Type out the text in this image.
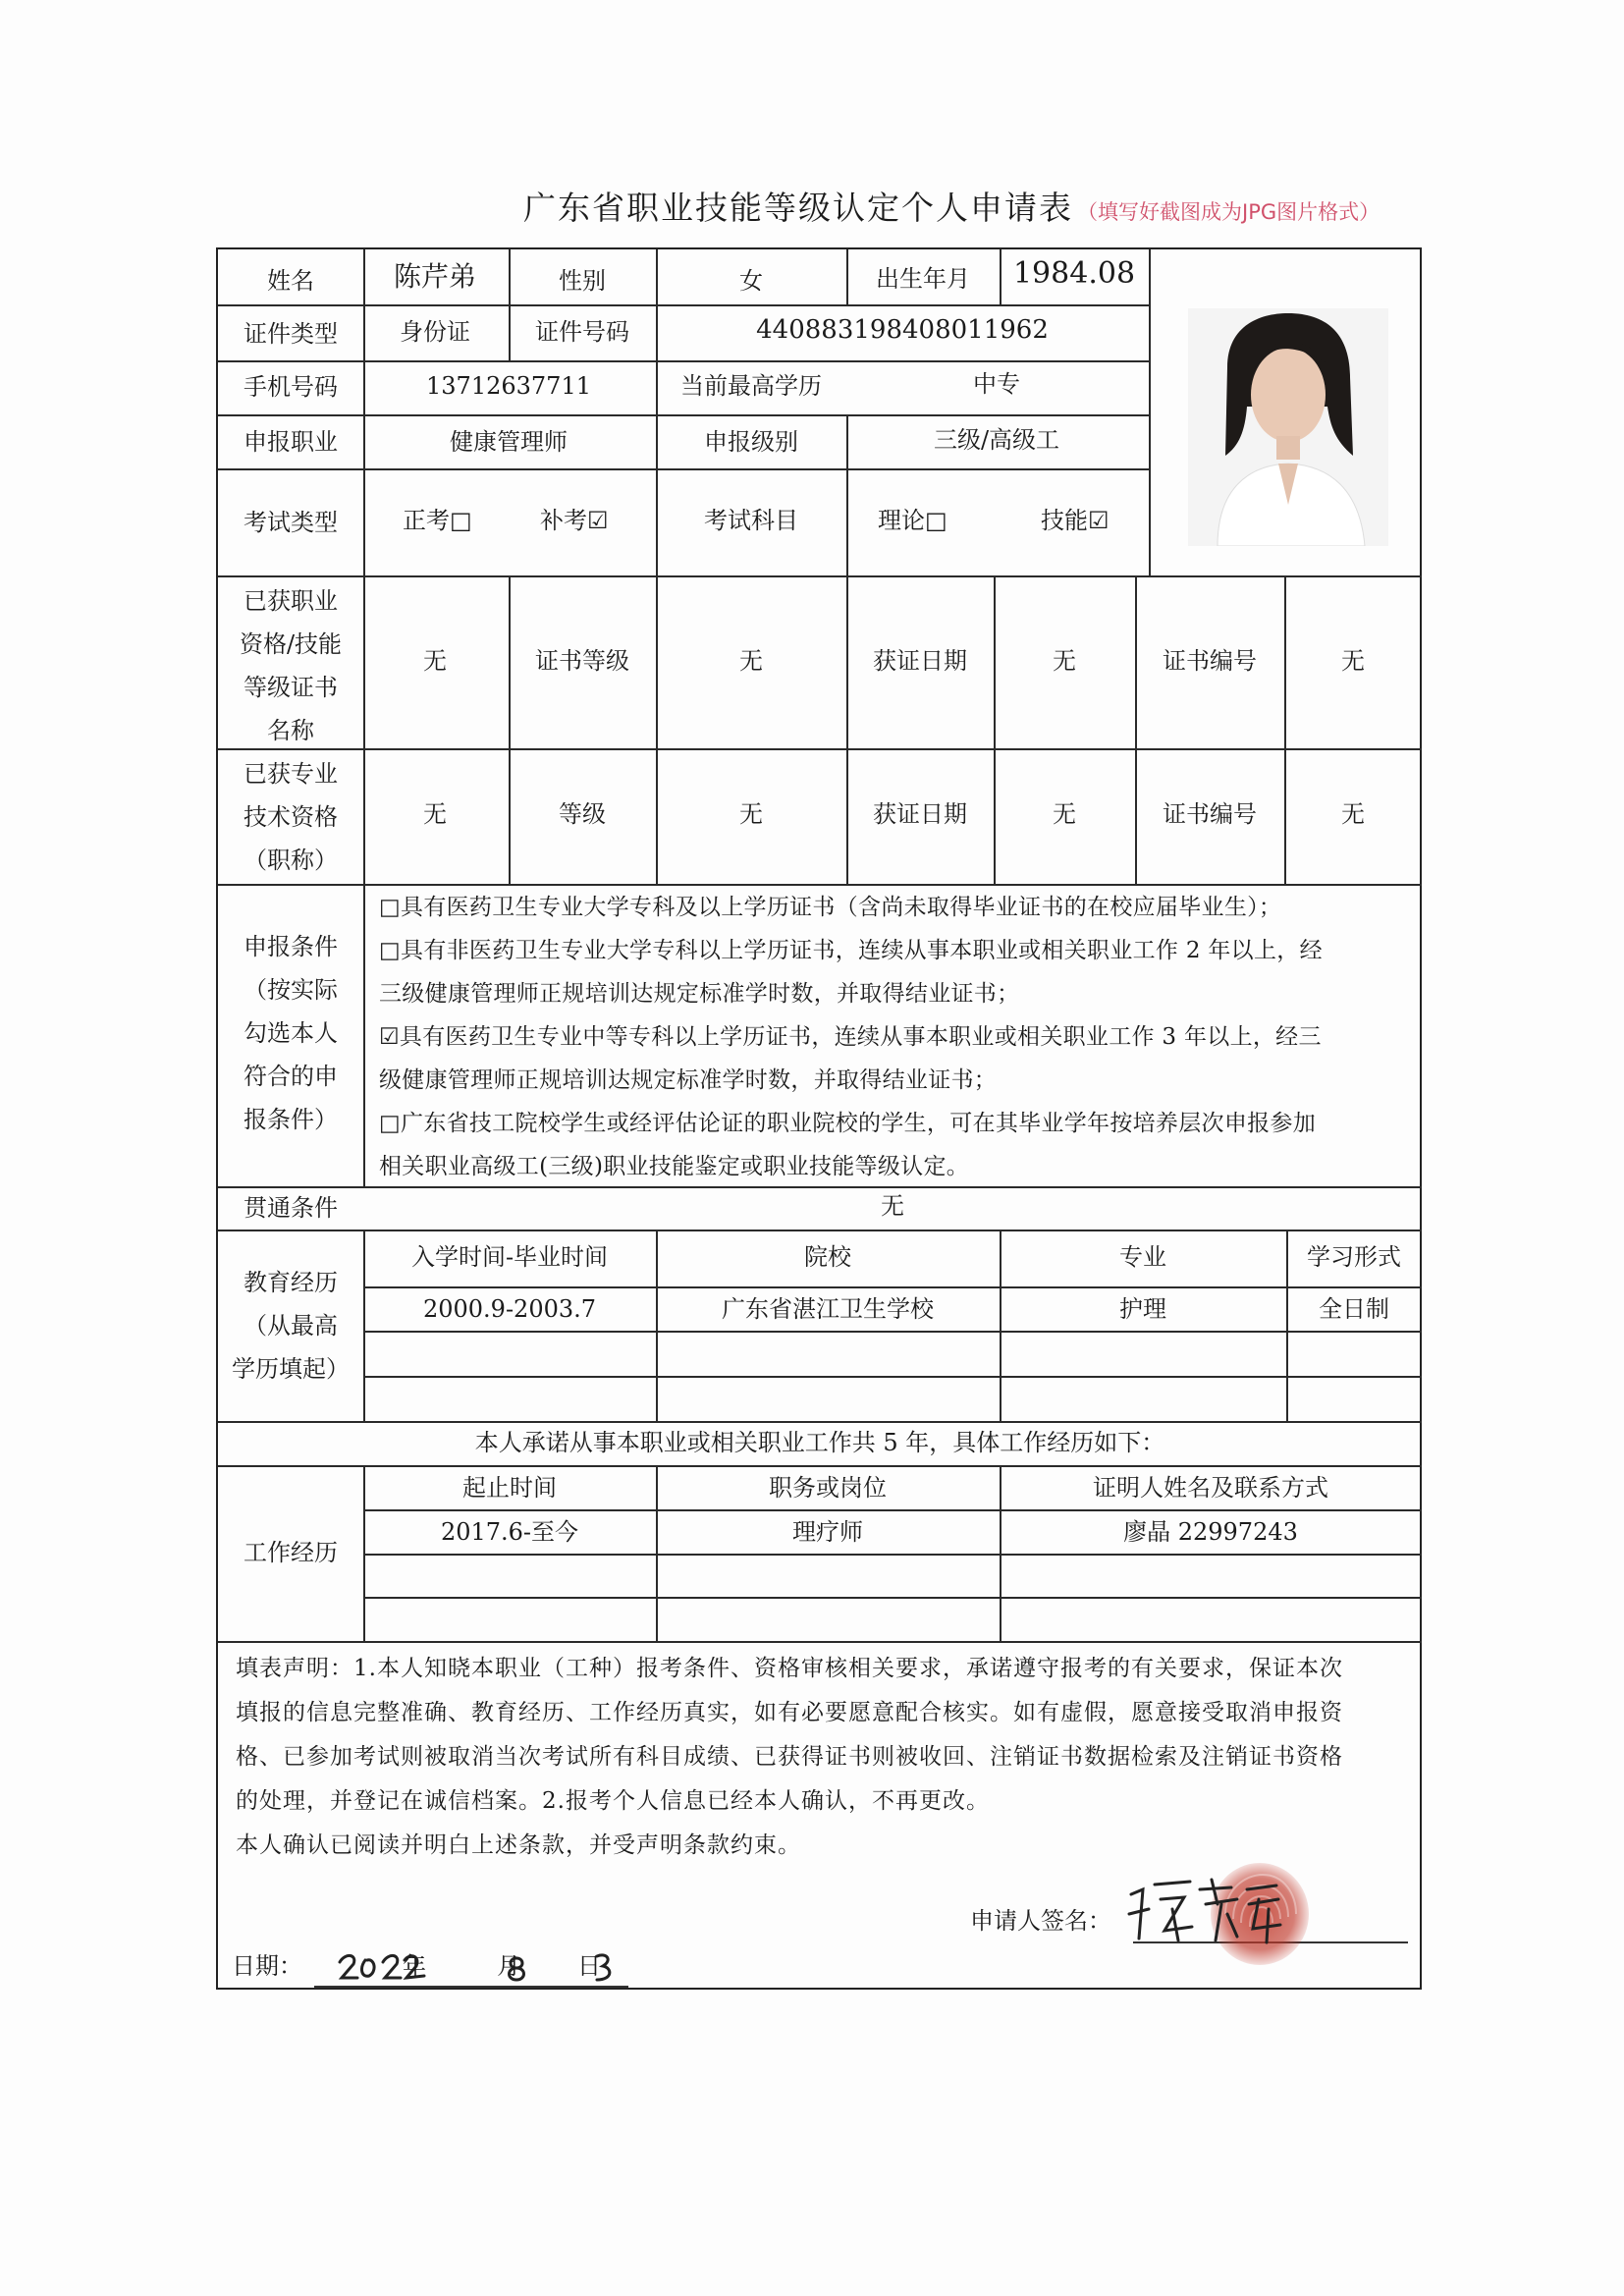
广东省职业技能等级认定个人申请表 （填写好截图成为JPG图片格式）
姓名	陈芹弟	性别	女	出生年月 1984.08
证件类型	身份证	证件号码	440883198408011962
手机号码	13712637711	当前最高学历	中专
申报职业	健康管理师	申报级别	三级/高级工
考试类型	正考□	补考☑	考试科目	理论□	技能☑
已获职业
资格/技能
等级证书
名称
无	证书等级	无	获证日期	无	证书编号	无
已获专业
技术资格
（职称）
无	等级	无	获证日期	无	证书编号	无
申报条件
（按实际
勾选本人
符合的申
报条件）
□具有医药卫生专业大学专科及以上学历证书（含尚未取得毕业证书的在校应届毕业生）；
□具有非医药卫生专业大学专科以上学历证书，连续从事本职业或相关职业工作 2 年以上，经
三级健康管理师正规培训达规定标准学时数，并取得结业证书；
☑具有医药卫生专业中等专科以上学历证书，连续从事本职业或相关职业工作 3 年以上，经三
级健康管理师正规培训达规定标准学时数，并取得结业证书；
□广东省技工院校学生或经评估论证的职业院校的学生，可在其毕业学年按培养层次申报参加
相关职业高级工(三级)职业技能鉴定或职业技能等级认定。
贯通条件	无
教育经历
（从最高
学历填起）
入学时间-毕业时间	院校	专业	学习形式
2000.9-2003.7	广东省湛江卫生学校	护理	全日制
本人承诺从事本职业或相关职业工作共 5 年，具体工作经历如下：
工作经历
起止时间	职务或岗位	证明人姓名及联系方式
2017.6-至今	理疗师	廖晶 22997243
填表声明：1.本人知晓本职业（工种）报考条件、资格审核相关要求，承诺遵守报考的有关要求，保证本次
填报的信息完整准确、教育经历、工作经历真实，如有必要愿意配合核实。如有虚假，愿意接受取消申报资
格、已参加考试则被取消当次考试所有科目成绩、已获得证书则被收回、注销证书数据检索及注销证书资格
的处理，并登记在诚信档案。2.报考个人信息已经本人确认，不再更改。
本人确认已阅读并明白上述条款，并受声明条款约束。
申请人签名：
日期：	年	月 日
